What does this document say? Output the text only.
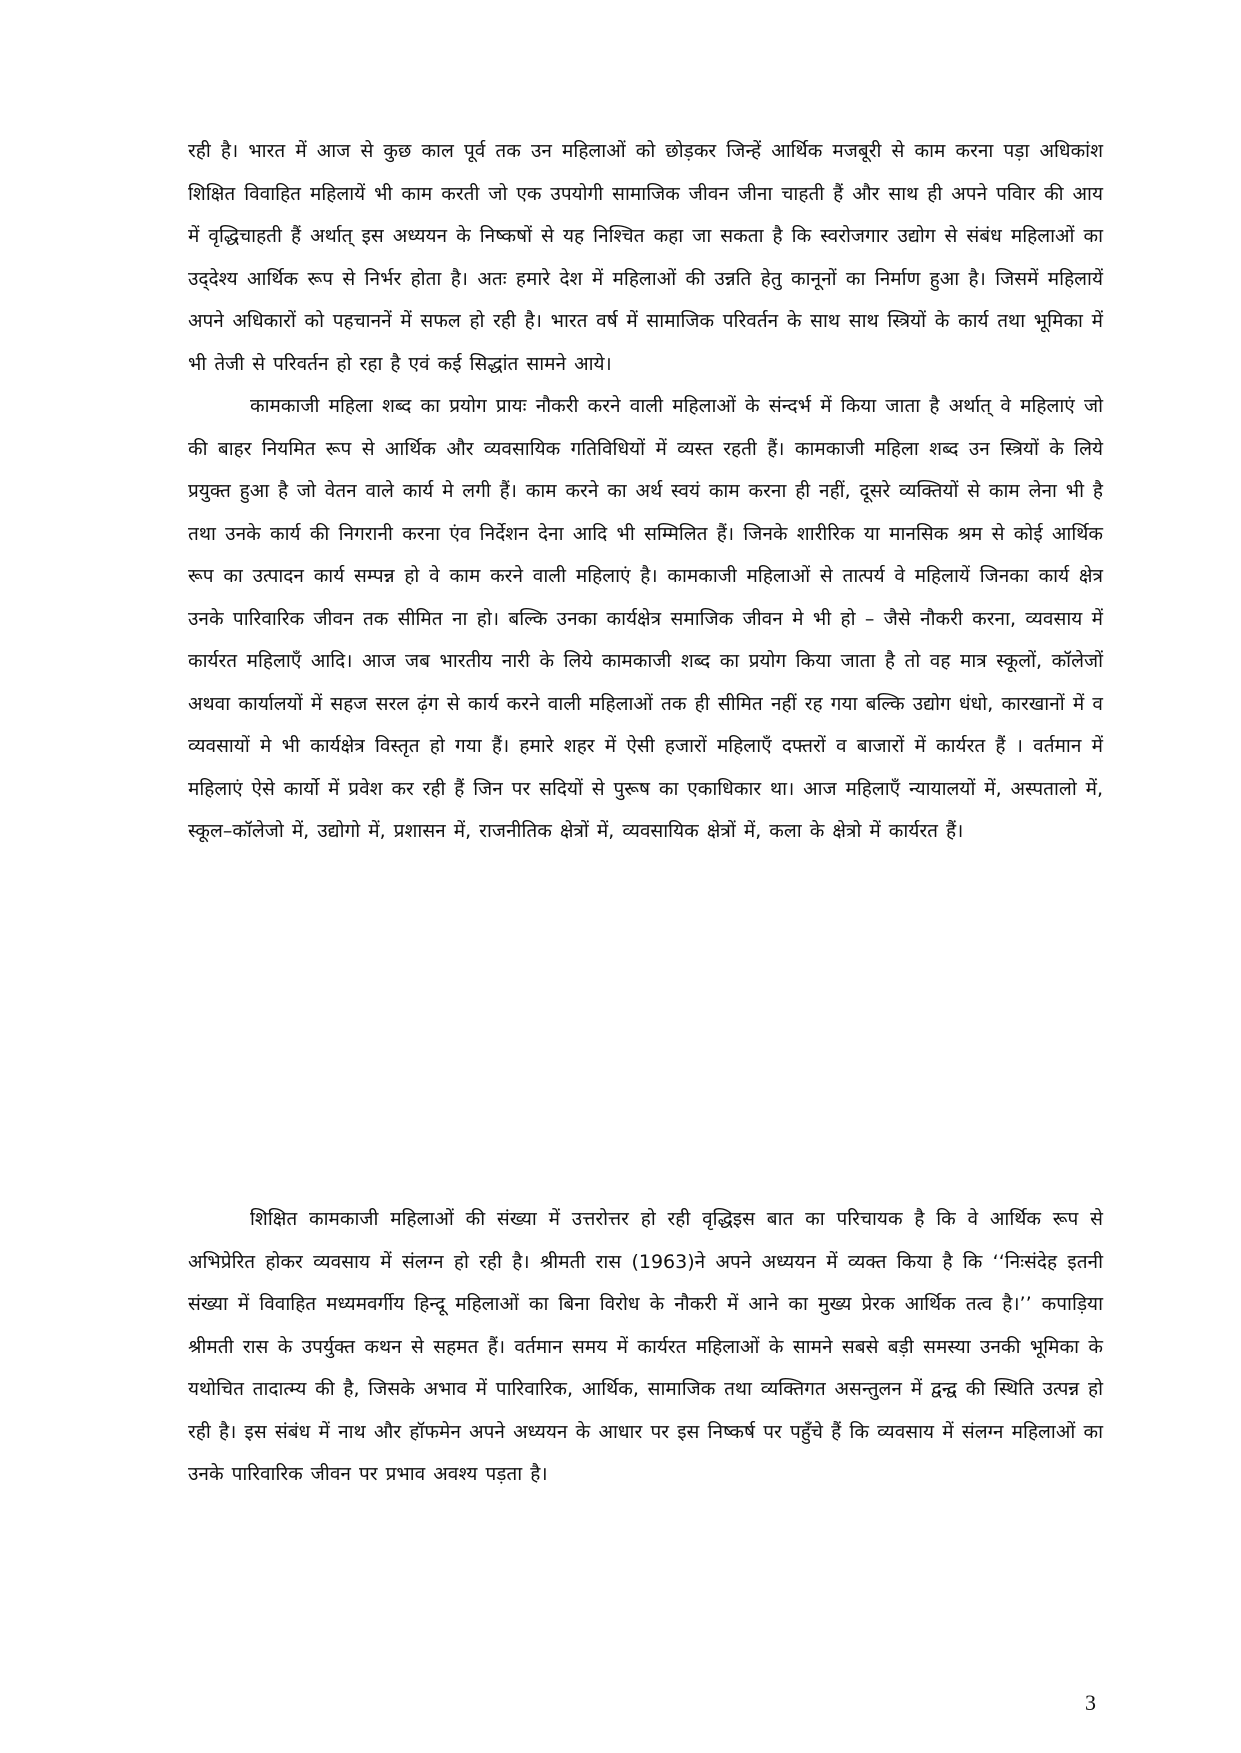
रही है। भारत में आज से कुछ काल पूर्व तक उन महिलाओं को छोड़कर जिन्हें आर्थिक मजबूरी से काम करना पड़ा अधिकांश शिक्षित विवाहित महिलायें भी काम करती जो एक उपयोगी सामाजिक जीवन जीना चाहती हैं और साथ ही अपने पविार की आय में वृद्धिचाहती हैं अर्थात् इस अध्ययन के निष्कषों से यह निश्चित कहा जा सकता है कि स्वरोजगार उद्योग से संबंध महिलाओं का उद्‌देश्य आर्थिक रूप से निर्भर होता है। अतः हमारे देश में महिलाओं की उन्नति हेतु कानूनों का निर्माण हुआ है। जिसमें महिलायें अपने अधिकारों को पहचाननें में सफल हो रही है। भारत वर्ष में सामाजिक परिवर्तन के साथ साथ स्त्रियों के कार्य तथा भूमिका में भी तेजी से परिवर्तन हो रहा है एवं कई सिद्धांत सामने आये।

कामकाजी महिला शब्द का प्रयोग प्रायः नौकरी करने वाली महिलाओं के संन्दर्भ में किया जाता है अर्थात् वे महिलाएं जो की बाहर नियमित रूप से आर्थिक और व्यवसायिक गतिविधियों में व्यस्त रहती हैं। कामकाजी महिला शब्द उन स्त्रियों के लिये प्रयुक्त हुआ है जो वेतन वाले कार्य मे लगी हैं। काम करने का अर्थ स्वयं काम करना ही नहीं, दूसरे व्यक्तियों से काम लेना भी है तथा उनके कार्य की निगरानी करना एंव निर्देशन देना आदि भी सम्मिलित हैं। जिनके शारीरिक या मानसिक श्रम से कोई आर्थिक रूप का उत्पादन कार्य सम्पन्न हो वे काम करने वाली महिलाएं है। कामकाजी महिलाओं से तात्पर्य वे महिलायें जिनका कार्य क्षेत्र उनके पारिवारिक जीवन तक सीमित ना हो। बल्कि उनका कार्यक्षेत्र समाजिक जीवन मे भी हो – जैसे नौकरी करना, व्यवसाय में कार्यरत महिलाएँ आदि। आज जब भारतीय नारी के लिये कामकाजी शब्द का प्रयोग किया जाता है तो वह मात्र स्कूलों, कॉलेजों अथवा कार्यालयों में सहज सरल ढ़ंग से कार्य करने वाली महिलाओं तक ही सीमित नहीं रह गया बल्कि उद्योग धंधो, कारखानों में व व्यवसायों मे भी कार्यक्षेत्र विस्तृत हो गया हैं। हमारे शहर में ऐसी हजारों महिलाएँ दफ्तरों व बाजारों में कार्यरत हैं । वर्तमान में महिलाएं ऐसे कार्यो में प्रवेश कर रही हैं जिन पर सदियों से पुरूष का एकाधिकार था। आज महिलाएँ न्यायालयों में, अस्पतालो में, स्कूल–कॉलेजो में, उद्योगो में, प्रशासन में, राजनीतिक क्षेत्रों में, व्यवसायिक क्षेत्रों में, कला के क्षेत्रो में कार्यरत हैं।

शिक्षित कामकाजी महिलाओं की संख्या में उत्तरोत्तर हो रही वृद्धिइस बात का परिचायक है कि वे आर्थिक रूप से अभिप्रेरित होकर व्यवसाय में संलग्न हो रही है। श्रीमती रास (1963)ने अपने अध्ययन में व्यक्त किया है कि ‘‘निःसंदेह इतनी संख्या में विवाहित मध्यमवर्गीय हिन्दू महिलाओं का बिना विरोध के नौकरी में आने का मुख्य प्रेरक आर्थिक तत्व है।’’ कपाड़िया श्रीमती रास के उपर्युक्त कथन से सहमत हैं। वर्तमान समय में कार्यरत महिलाओं के सामने सबसे बड़ी समस्या उनकी भूमिका के यथोचित तादात्म्य की है, जिसके अभाव में पारिवारिक, आर्थिक, सामाजिक तथा व्यक्तिगत असन्तुलन में द्वन्द्व की स्थिति उत्पन्न हो रही है। इस संबंध में नाथ और हॉफमेन अपने अध्ययन के आधार पर इस निष्कर्ष पर पहुँचे हैं कि व्यवसाय में संलग्न महिलाओं का उनके पारिवारिक जीवन पर प्रभाव अवश्य पड़ता है।

3
